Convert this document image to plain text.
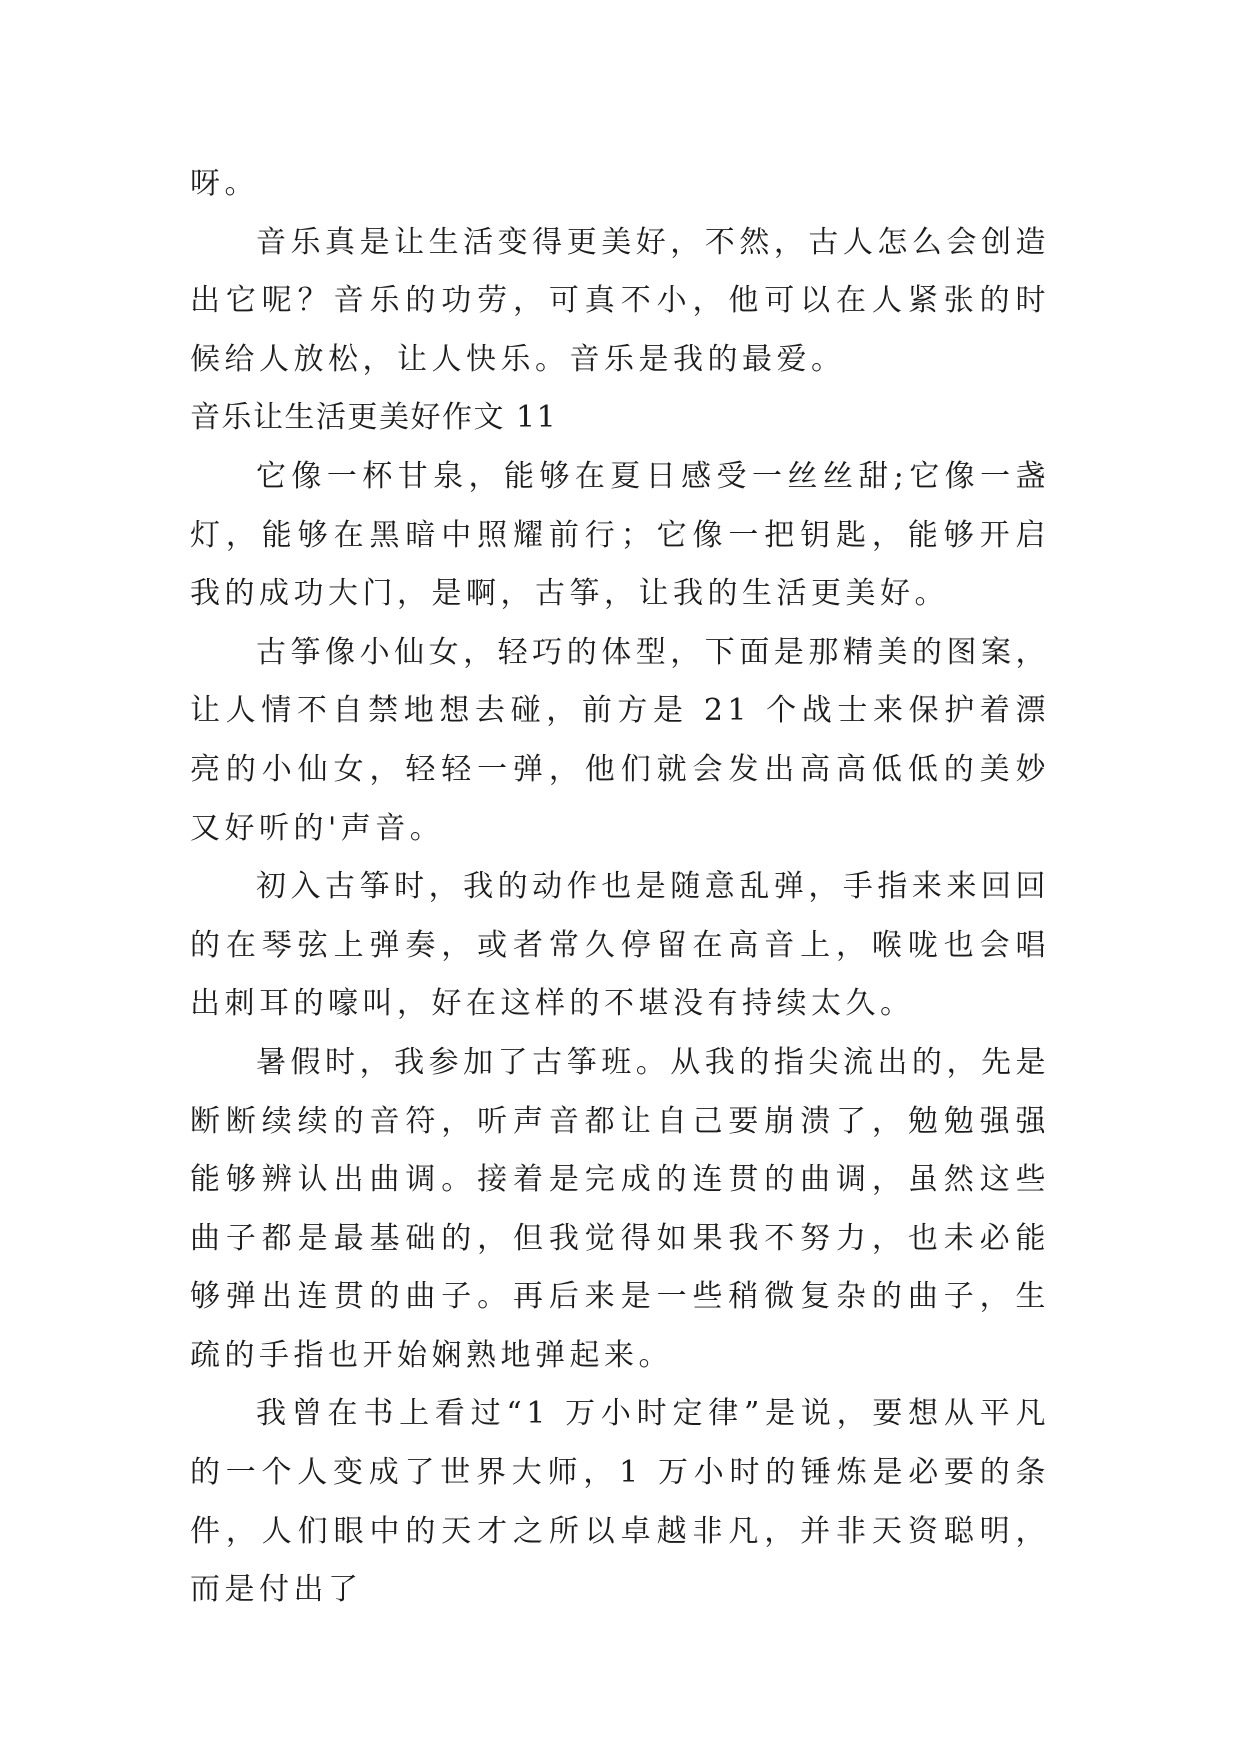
呀。

音乐真是让生活变得更美好，不然，古人怎么会创造出它呢？音乐的功劳，可真不小，他可以在人紧张的时候给人放松，让人快乐。音乐是我的最爱。

音乐让生活更美好作文 11

它像一杯甘泉，能够在夏日感受一丝丝甜;它像一盏灯，能够在黑暗中照耀前行；它像一把钥匙，能够开启我的成功大门，是啊，古筝，让我的生活更美好。

古筝像小仙女，轻巧的体型，下面是那精美的图案，让人情不自禁地想去碰，前方是 21 个战士来保护着漂亮的小仙女，轻轻一弹，他们就会发出高高低低的美妙又好听的'声音。

初入古筝时，我的动作也是随意乱弹，手指来来回回的在琴弦上弹奏，或者常久停留在高音上，喉咙也会唱出刺耳的嚎叫，好在这样的不堪没有持续太久。

暑假时，我参加了古筝班。从我的指尖流出的，先是断断续续的音符，听声音都让自己要崩溃了，勉勉强强能够辨认出曲调。接着是完成的连贯的曲调，虽然这些曲子都是最基础的，但我觉得如果我不努力，也未必能够弹出连贯的曲子。再后来是一些稍微复杂的曲子，生疏的手指也开始娴熟地弹起来。

我曾在书上看过“1 万小时定律”是说，要想从平凡的一个人变成了世界大师，1 万小时的锤炼是必要的条件，人们眼中的天才之所以卓越非凡，并非天资聪明，而是付出了
